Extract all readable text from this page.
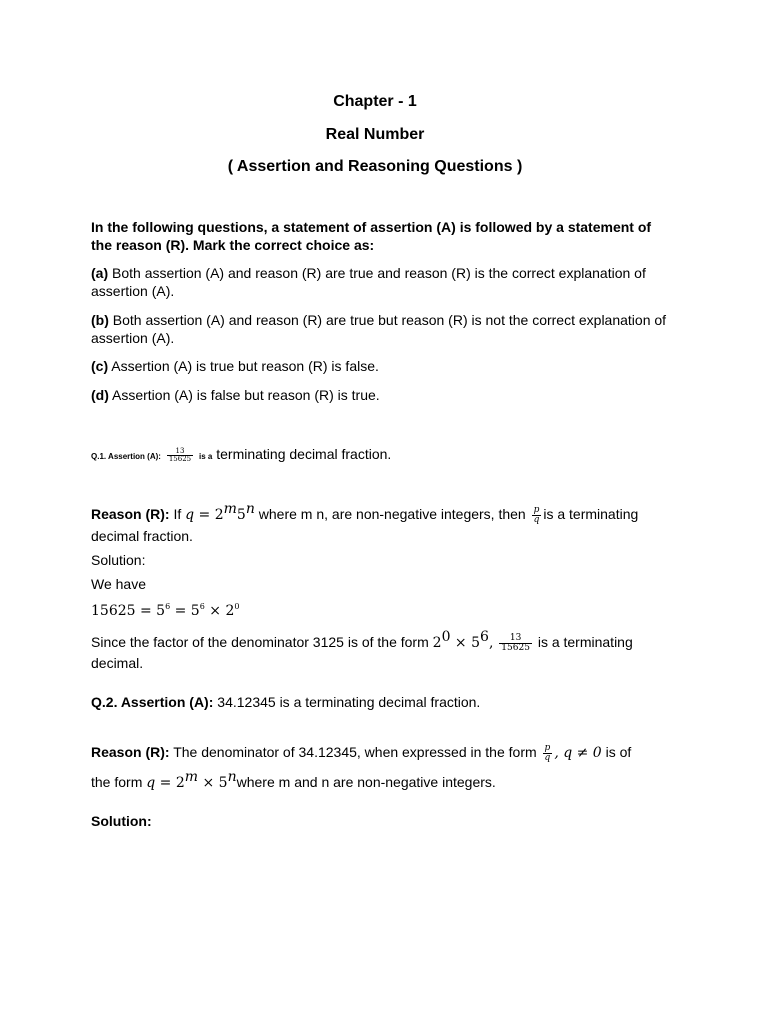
Chapter - 1
Real Number
( Assertion and Reasoning Questions )
In the following questions, a statement of assertion (A) is followed by a statement of the reason (R). Mark the correct choice as:
(a) Both assertion (A) and reason (R) are true and reason (R) is the correct explanation of assertion (A).
(b) Both assertion (A) and reason (R) are true but reason (R) is not the correct explanation of assertion (A).
(c) Assertion (A) is true but reason (R) is false.
(d) Assertion (A) is false but reason (R) is true.
Q.1. Assertion (A): $\frac{13}{15625}$ is a terminating decimal fraction.
Reason (R): If $q = 2^m5^n$ where m n, are non-negative integers, then $\frac{p}{q}$ is a terminating decimal fraction.
Solution:
We have
$15625 = 5^6 = 5^6 \times 2^0$
Since the factor of the denominator 3125 is of the form $2^0 \times 5^6$, $\frac{13}{15625}$ is a terminating decimal.
Q.2. Assertion (A): 34.12345 is a terminating decimal fraction.
Reason (R): The denominator of 34.12345, when expressed in the form $\frac{p}{q}$ , q ≠ 0 is of the form $q = 2^m$ × $5^nwhere$ m and n are non-negative integers.
Solution:
